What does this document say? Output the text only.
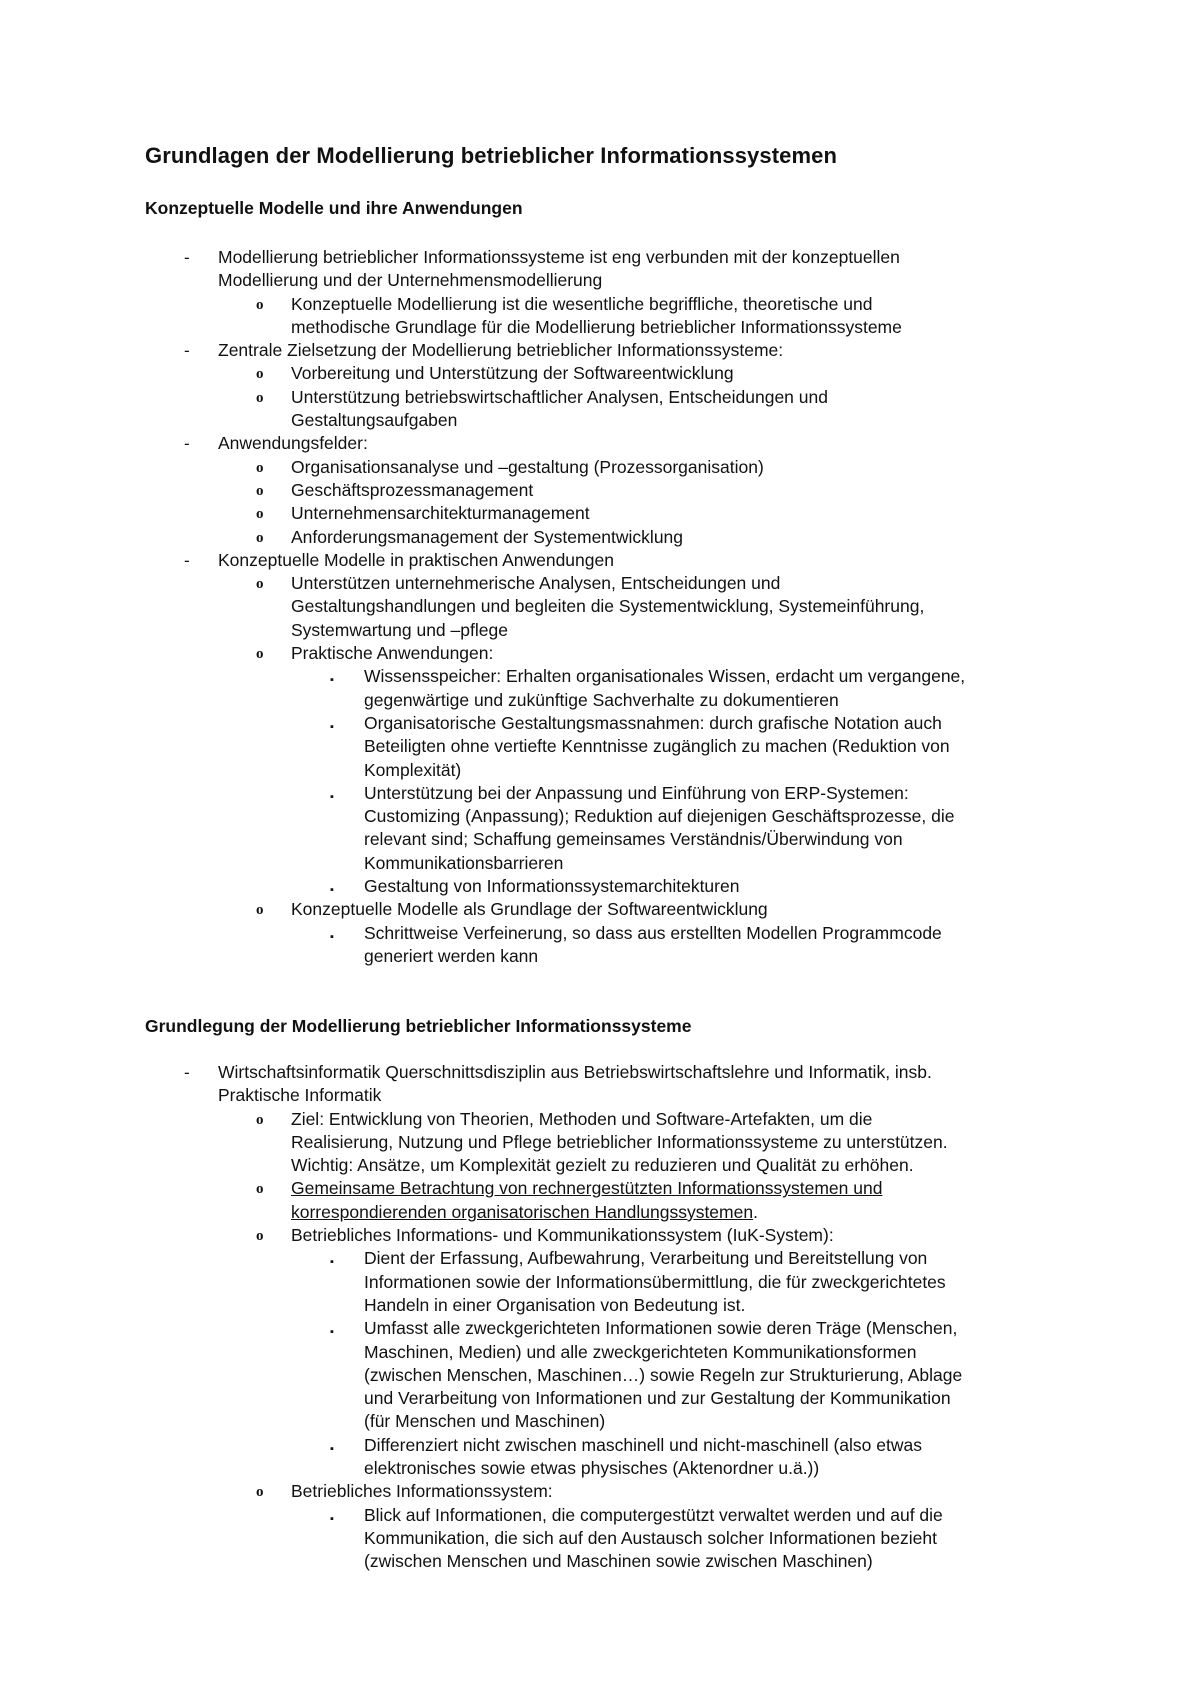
Grundlagen der Modellierung betrieblicher Informationssystemen
Konzeptuelle Modelle und ihre Anwendungen
- Modellierung betrieblicher Informationssysteme ist eng verbunden mit der konzeptuellen
Modellierung und der Unternehmensmodellierung
o Konzeptuelle Modellierung ist die wesentliche begriffliche, theoretische und
methodische Grundlage für die Modellierung betrieblicher Informationssysteme
- Zentrale Zielsetzung der Modellierung betrieblicher Informationssysteme:
o Vorbereitung und Unterstützung der Softwareentwicklung
o Unterstützung betriebswirtschaftlicher Analysen, Entscheidungen und
Gestaltungsaufgaben
- Anwendungsfelder:
o Organisationsanalyse und –gestaltung (Prozessorganisation)
o Geschäftsprozessmanagement
o Unternehmensarchitekturmanagement
o Anforderungsmanagement der Systementwicklung
- Konzeptuelle Modelle in praktischen Anwendungen
o Unterstützen unternehmerische Analysen, Entscheidungen und
Gestaltungshandlungen und begleiten die Systementwicklung, Systemeinführung,
Systemwartung und –pflege
o Praktische Anwendungen:
▪ Wissensspeicher: Erhalten organisationales Wissen, erdacht um vergangene,
gegenwärtige und zukünftige Sachverhalte zu dokumentieren
▪ Organisatorische Gestaltungsmassnahmen: durch grafische Notation auch
Beteiligten ohne vertiefte Kenntnisse zugänglich zu machen (Reduktion von
Komplexität)
▪ Unterstützung bei der Anpassung und Einführung von ERP-Systemen:
Customizing (Anpassung); Reduktion auf diejenigen Geschäftsprozesse, die
relevant sind; Schaffung gemeinsames Verständnis/Überwindung von
Kommunikationsbarrieren
▪ Gestaltung von Informationssystemarchitekturen
o Konzeptuelle Modelle als Grundlage der Softwareentwicklung
▪ Schrittweise Verfeinerung, so dass aus erstellten Modellen Programmcode
generiert werden kann
Grundlegung der Modellierung betrieblicher Informationssysteme
- Wirtschaftsinformatik Querschnittsdisziplin aus Betriebswirtschaftslehre und Informatik, insb.
Praktische Informatik
o Ziel: Entwicklung von Theorien, Methoden und Software-Artefakten, um die
Realisierung, Nutzung und Pflege betrieblicher Informationssysteme zu unterstützen.
Wichtig: Ansätze, um Komplexität gezielt zu reduzieren und Qualität zu erhöhen.
o Gemeinsame Betrachtung von rechnergestützten Informationssystemen und
korrespondierenden organisatorischen Handlungssystemen.
o Betriebliches Informations- und Kommunikationssystem (IuK-System):
▪ Dient der Erfassung, Aufbewahrung, Verarbeitung und Bereitstellung von
Informationen sowie der Informationsübermittlung, die für zweckgerichtetes
Handeln in einer Organisation von Bedeutung ist.
▪ Umfasst alle zweckgerichteten Informationen sowie deren Träge (Menschen,
Maschinen, Medien) und alle zweckgerichteten Kommunikationsformen
(zwischen Menschen, Maschinen…) sowie Regeln zur Strukturierung, Ablage
und Verarbeitung von Informationen und zur Gestaltung der Kommunikation
(für Menschen und Maschinen)
▪ Differenziert nicht zwischen maschinell und nicht-maschinell (also etwas
elektronisches sowie etwas physisches (Aktenordner u.ä.))
o Betriebliches Informationssystem:
▪ Blick auf Informationen, die computergestützt verwaltet werden und auf die
Kommunikation, die sich auf den Austausch solcher Informationen bezieht
(zwischen Menschen und Maschinen sowie zwischen Maschinen)
